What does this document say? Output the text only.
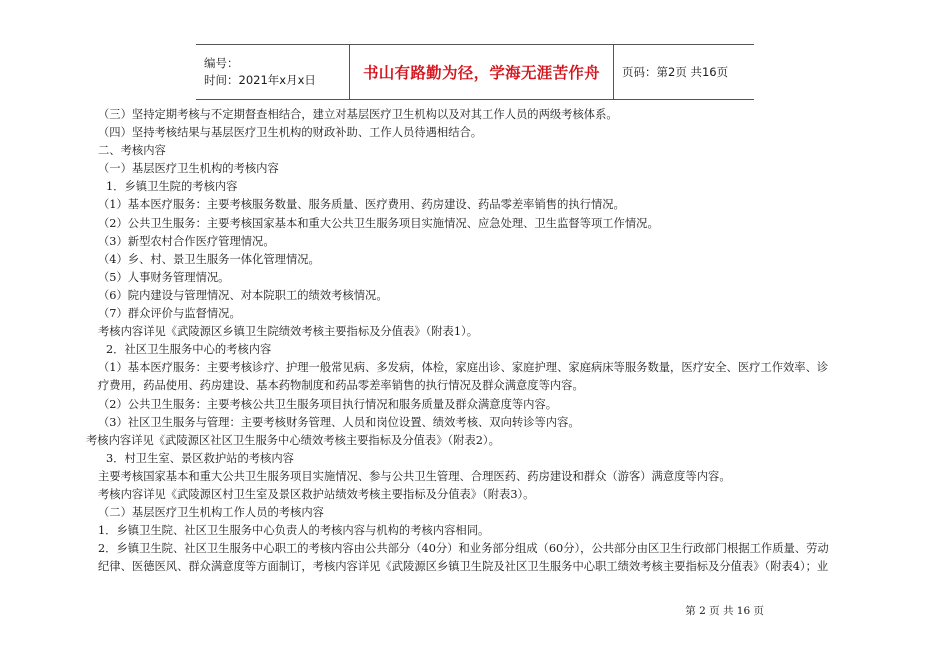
编号：
时间：2021年x月x日	书山有路勤为径，学海无涯苦作舟 页码：第2页 共16页
（三）坚持定期考核与不定期督查相结合，建立对基层医疗卫生机构以及对其工作人员的两级考核体系。
（四）坚持考核结果与基层医疗卫生机构的财政补助、工作人员待遇相结合。
二、考核内容
（一）基层医疗卫生机构的考核内容
1．乡镇卫生院的考核内容
（1）基本医疗服务：主要考核服务数量、服务质量、医疗费用、药房建设、药品零差率销售的执行情况。
（2）公共卫生服务：主要考核国家基本和重大公共卫生服务项目实施情况、应急处理、卫生监督等项工作情况。
（3）新型农村合作医疗管理情况。
（4）乡、村、景卫生服务一体化管理情况。
（5）人事财务管理情况。
（6）院内建设与管理情况、对本院职工的绩效考核情况。
（7）群众评价与监督情况。
考核内容详见《武陵源区乡镇卫生院绩效考核主要指标及分值表》（附表1）。
2．社区卫生服务中心的考核内容
（1）基本医疗服务：主要考核诊疗、护理一般常见病、多发病，体检，家庭出诊、家庭护理、家庭病床等服务数量，医疗安全、医疗工作效率、诊
疗费用，药品使用、药房建设、基本药物制度和药品零差率销售的执行情况及群众满意度等内容。
（2）公共卫生服务：主要考核公共卫生服务项目执行情况和服务质量及群众满意度等内容。
（3）社区卫生服务与管理：主要考核财务管理、人员和岗位设置、绩效考核、双向转诊等内容。
考核内容详见《武陵源区社区卫生服务中心绩效考核主要指标及分值表》（附表2）。
3．村卫生室、景区救护站的考核内容
主要考核国家基本和重大公共卫生服务项目实施情况、参与公共卫生管理、合理医药、药房建设和群众（游客）满意度等内容。
考核内容详见《武陵源区村卫生室及景区救护站绩效考核主要指标及分值表》（附表3）。
（二）基层医疗卫生机构工作人员的考核内容
1．乡镇卫生院、社区卫生服务中心负责人的考核内容与机构的考核内容相同。
2．乡镇卫生院、社区卫生服务中心职工的考核内容由公共部分（40分）和业务部分组成（60分），公共部分由区卫生行政部门根据工作质量、劳动
纪律、医德医风、群众满意度等方面制订，考核内容详见《武陵源区乡镇卫生院及社区卫生服务中心职工绩效考核主要指标及分值表》（附表4）；业
第 2 页 共 16 页
